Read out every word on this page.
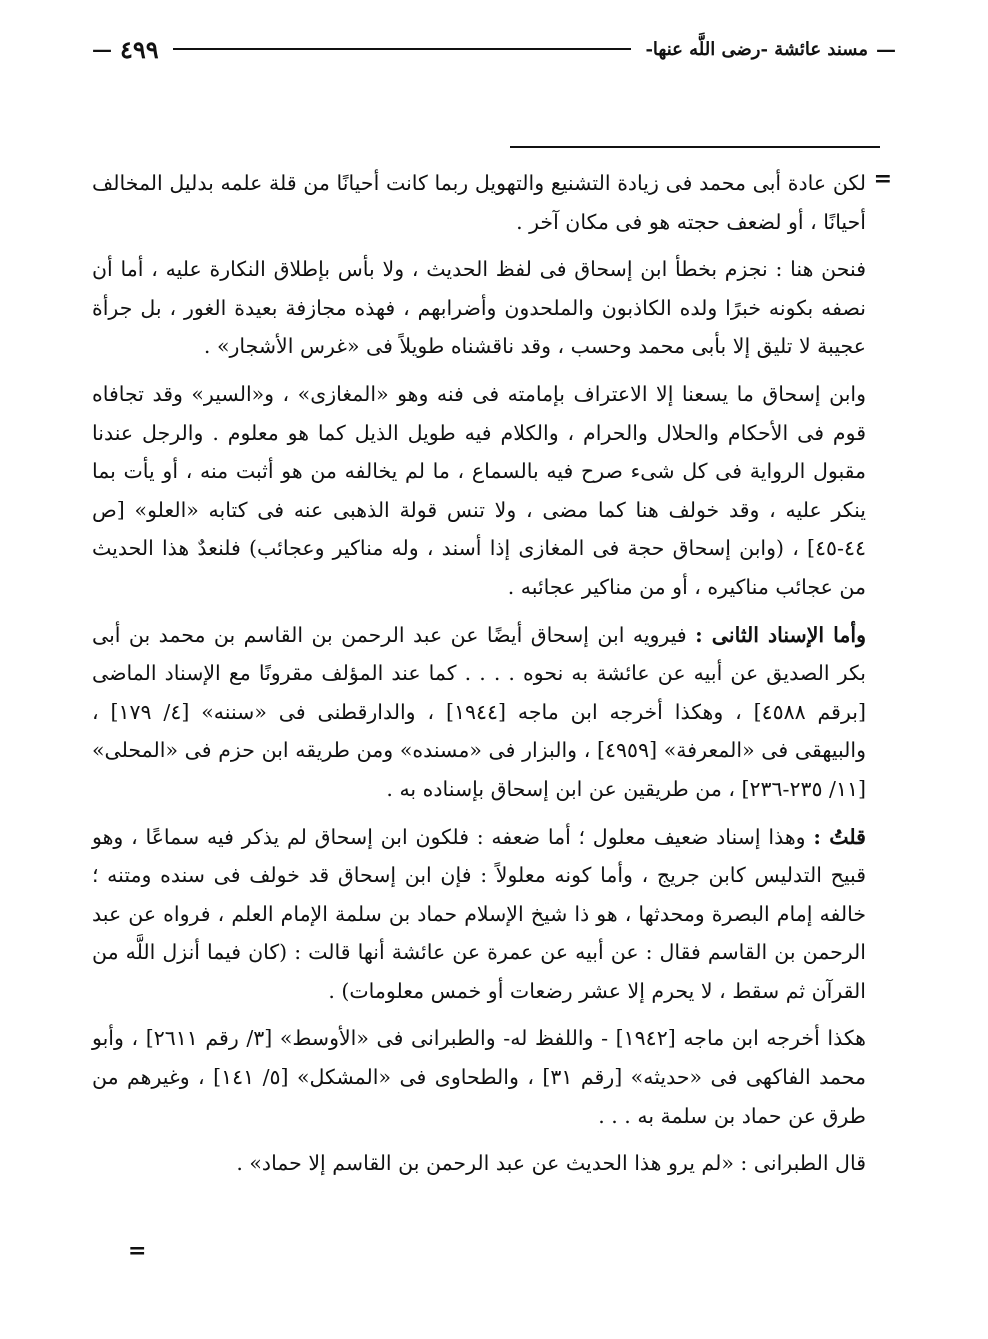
—
مسند عائشة -رضى اللَّه عنها-
٤٩٩
—
=

لكن عادة أبى محمد فى زيادة التشنيع والتهويل ربما كانت أحيانًا من قلة علمه بدليل المخالف أحيانًا ، أو لضعف حجته هو فى مكان آخر .

فنحن هنا : نجزم بخطأ ابن إسحاق فى لفظ الحديث ، ولا بأس بإطلاق النكارة عليه ، أما أن نصفه بكونه خبرًا ولده الكاذبون والملحدون وأضرابهم ، فهذه مجازفة بعيدة الغور ، بل جرأة عجيبة لا تليق إلا بأبى محمد وحسب ، وقد ناقشناه طويلاً فى «غرس الأشجار» .

وابن إسحاق ما يسعنا إلا الاعتراف بإمامته فى فنه وهو «المغازى» ، و«السير» وقد تجافاه قوم فى الأحكام والحلال والحرام ، والكلام فيه طويل الذيل كما هو معلوم . والرجل عندنا مقبول الرواية فى كل شىء صرح فيه بالسماع ، ما لم يخالفه من هو أثبت منه ، أو يأت بما ينكر عليه ، وقد خولف هنا كما مضى ، ولا تنس قولة الذهبى عنه فى كتابه «العلو» [ص ٤٤-٤٥] ، (وابن إسحاق حجة فى المغازى إذا أسند ، وله مناكير وعجائب) فلنعدٌ هذا الحديث من عجائب مناكيره ، أو من مناكير عجائبه .

وأما الإسناد الثانى : فيرويه ابن إسحاق أيضًا عن عبد الرحمن بن القاسم بن محمد بن أبى بكر الصديق عن أبيه عن عائشة به نحوه . . . . كما عند المؤلف مقرونًا مع الإسناد الماضى [برقم ٤٥٨٨] ، وهكذا أخرجه ابن ماجه [١٩٤٤] ، والدارقطنى فى «سننه» [٤/ ١٧٩] ، والبيهقى فى «المعرفة» [٤٩٥٩] ، والبزار فى «مسنده» ومن طريقه ابن حزم فى «المحلى» [١١/ ٢٣٥-٢٣٦] ، من طريقين عن ابن إسحاق بإسناده به .

قلتُ : وهذا إسناد ضعيف معلول ؛ أما ضعفه : فلكون ابن إسحاق لم يذكر فيه سماعًا ، وهو قبيح التدليس كابن جريج ، وأما كونه معلولاً : فإن ابن إسحاق قد خولف فى سنده ومتنه ؛ خالفه إمام البصرة ومحدثها ، هو ذا شيخ الإسلام حماد بن سلمة الإمام العلم ، فرواه عن عبد الرحمن بن القاسم فقال : عن أبيه عن عمرة عن عائشة أنها قالت : (كان فيما أنزل اللَّه من القرآن ثم سقط ، لا يحرم إلا عشر رضعات أو خمس معلومات) .

هكذا أخرجه ابن ماجه [١٩٤٢] - واللفظ له- والطبرانى فى «الأوسط» [٣/ رقم ٢٦١١] ، وأبو محمد الفاكهى فى «حديثه» [رقم ٣١] ، والطحاوى فى «المشكل» [٥/ ١٤١] ، وغيرهم من طرق عن حماد بن سلمة به . . .

قال الطبرانى : «لم يرو هذا الحديث عن عبد الرحمن بن القاسم إلا حماد» .

=
